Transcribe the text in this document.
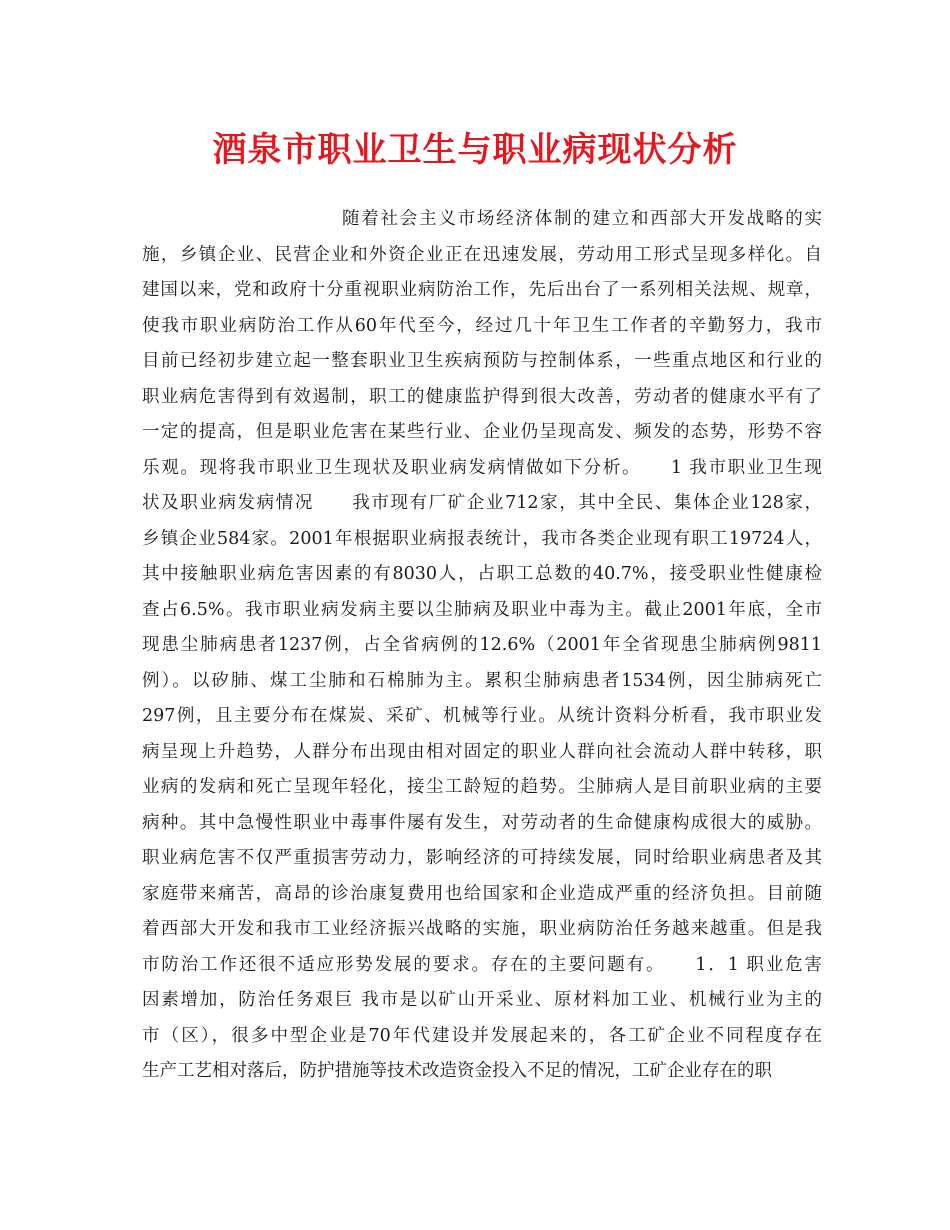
酒泉市职业卫生与职业病现状分析
随着社会主义市场经济体制的建立和西部大开发战略的实
施，乡镇企业、民营企业和外资企业正在迅速发展，劳动用工形式呈现多样化。自
建国以来，党和政府十分重视职业病防治工作，先后出台了一系列相关法规、规章，
使我市职业病防治工作从60年代至今，经过几十年卫生工作者的辛勤努力，我市
目前已经初步建立起一整套职业卫生疾病预防与控制体系，一些重点地区和行业的
职业病危害得到有效遏制，职工的健康监护得到很大改善，劳动者的健康水平有了
一定的提高，但是职业危害在某些行业、企业仍呈现高发、频发的态势，形势不容
乐观。现将我市职业卫生现状及职业病发病情做如下分析。　　1 我市职业卫生现
状及职业病发病情况　　我市现有厂矿企业712家，其中全民、集体企业128家，
乡镇企业584家。2001年根据职业病报表统计，我市各类企业现有职工19724人，
其中接触职业病危害因素的有8030人，占职工总数的40.7%，接受职业性健康检
查占6.5%。我市职业病发病主要以尘肺病及职业中毒为主。截止2001年底，全市
现患尘肺病患者1237例，占全省病例的12.6%（2001年全省现患尘肺病例9811
例）。以矽肺、煤工尘肺和石棉肺为主。累积尘肺病患者1534例，因尘肺病死亡
297例，且主要分布在煤炭、采矿、机械等行业。从统计资料分析看，我市职业发
病呈现上升趋势，人群分布出现由相对固定的职业人群向社会流动人群中转移，职
业病的发病和死亡呈现年轻化，接尘工龄短的趋势。尘肺病人是目前职业病的主要
病种。其中急慢性职业中毒事件屡有发生，对劳动者的生命健康构成很大的威胁。
职业病危害不仅严重损害劳动力，影响经济的可持续发展，同时给职业病患者及其
家庭带来痛苦，高昂的诊治康复费用也给国家和企业造成严重的经济负担。目前随
着西部大开发和我市工业经济振兴战略的实施，职业病防治任务越来越重。但是我
市防治工作还很不适应形势发展的要求。存在的主要问题有。　　1．1 职业危害
因素增加，防治任务艰巨 我市是以矿山开采业、原材料加工业、机械行业为主的
市（区），很多中型企业是70年代建设并发展起来的，各工矿企业不同程度存在
生产工艺相对落后，防护措施等技术改造资金投入不足的情况，工矿企业存在的职
